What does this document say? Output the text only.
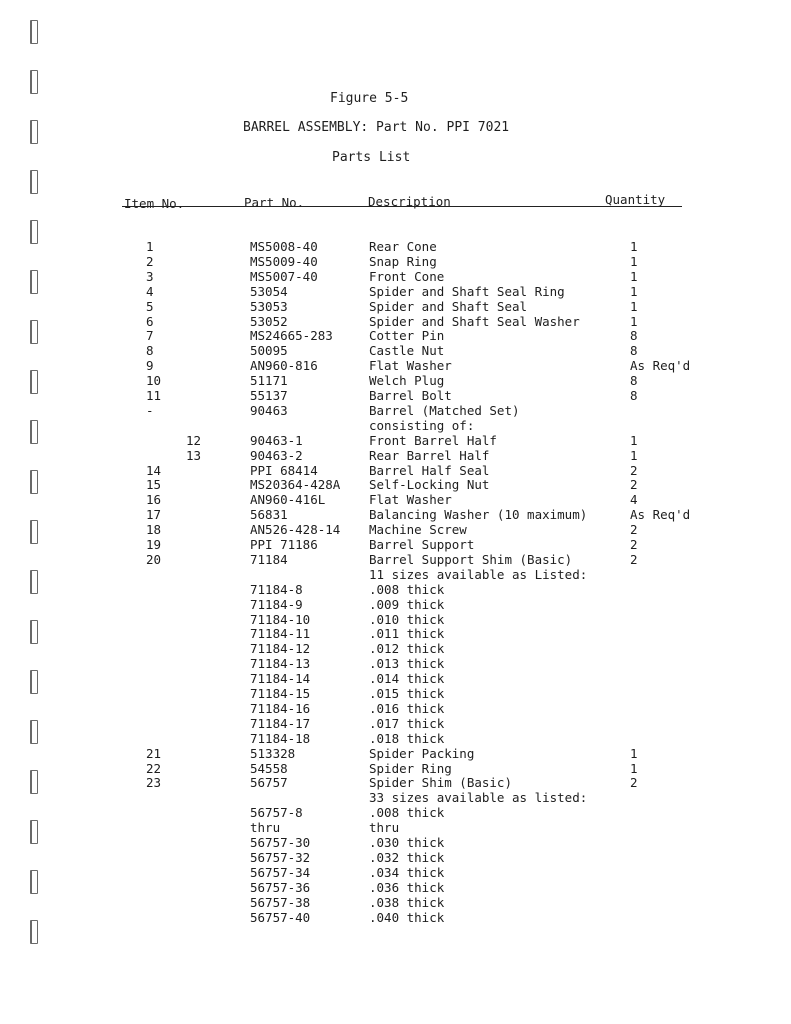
Figure 5-5
BARREL ASSEMBLY: Part No. PPI 7021
Parts List
Item No.	Part No.	Description	Quantity
1	MS5008-40	Rear Cone	1
2	MS5009-40	Snap Ring	1
3	MS5007-40	Front Cone	1
4	53054	Spider and Shaft Seal Ring	1
5	53053	Spider and Shaft Seal	1
6	53052	Spider and Shaft Seal Washer	1
7	MS24665-283	Cotter Pin	8
8	50095	Castle Nut	8
9	AN960-816	Flat Washer	As Req'd
10	51171	Welch Plug	8
11	55137	Barrel Bolt	8
-	90463	Barrel (Matched Set)
consisting of:
12	90463-1	Front Barrel Half	1
13	90463-2	Rear Barrel Half	1
14	PPI 68414	Barrel Half Seal	2
15	MS20364-428A Self-Locking Nut	2
16	AN960-416L	Flat Washer	4
17	56831	Balancing Washer (10 maximum)	As Req'd
18	AN526-428-14 Machine Screw	2
19	PPI 71186	Barrel Support	2
20	71184	Barrel Support Shim (Basic)	2
11 sizes available as Listed:
71184-8	.008 thick
71184-9	.009 thick
71184-10	.010 thick
71184-11	.011 thick
71184-12	.012 thick
71184-13	.013 thick
71184-14	.014 thick
71184-15	.015 thick
71184-16	.016 thick
71184-17	.017 thick
71184-18	.018 thick
21	513328	Spider Packing	1
22	54558	Spider Ring	1
23	56757	Spider Shim (Basic)	2
33 sizes available as listed:
56757-8	.008 thick
thru	thru
56757-30	.030 thick
56757-32	.032 thick
56757-34	.034 thick
56757-36	.036 thick
56757-38	.038 thick
56757-40	.040 thick
